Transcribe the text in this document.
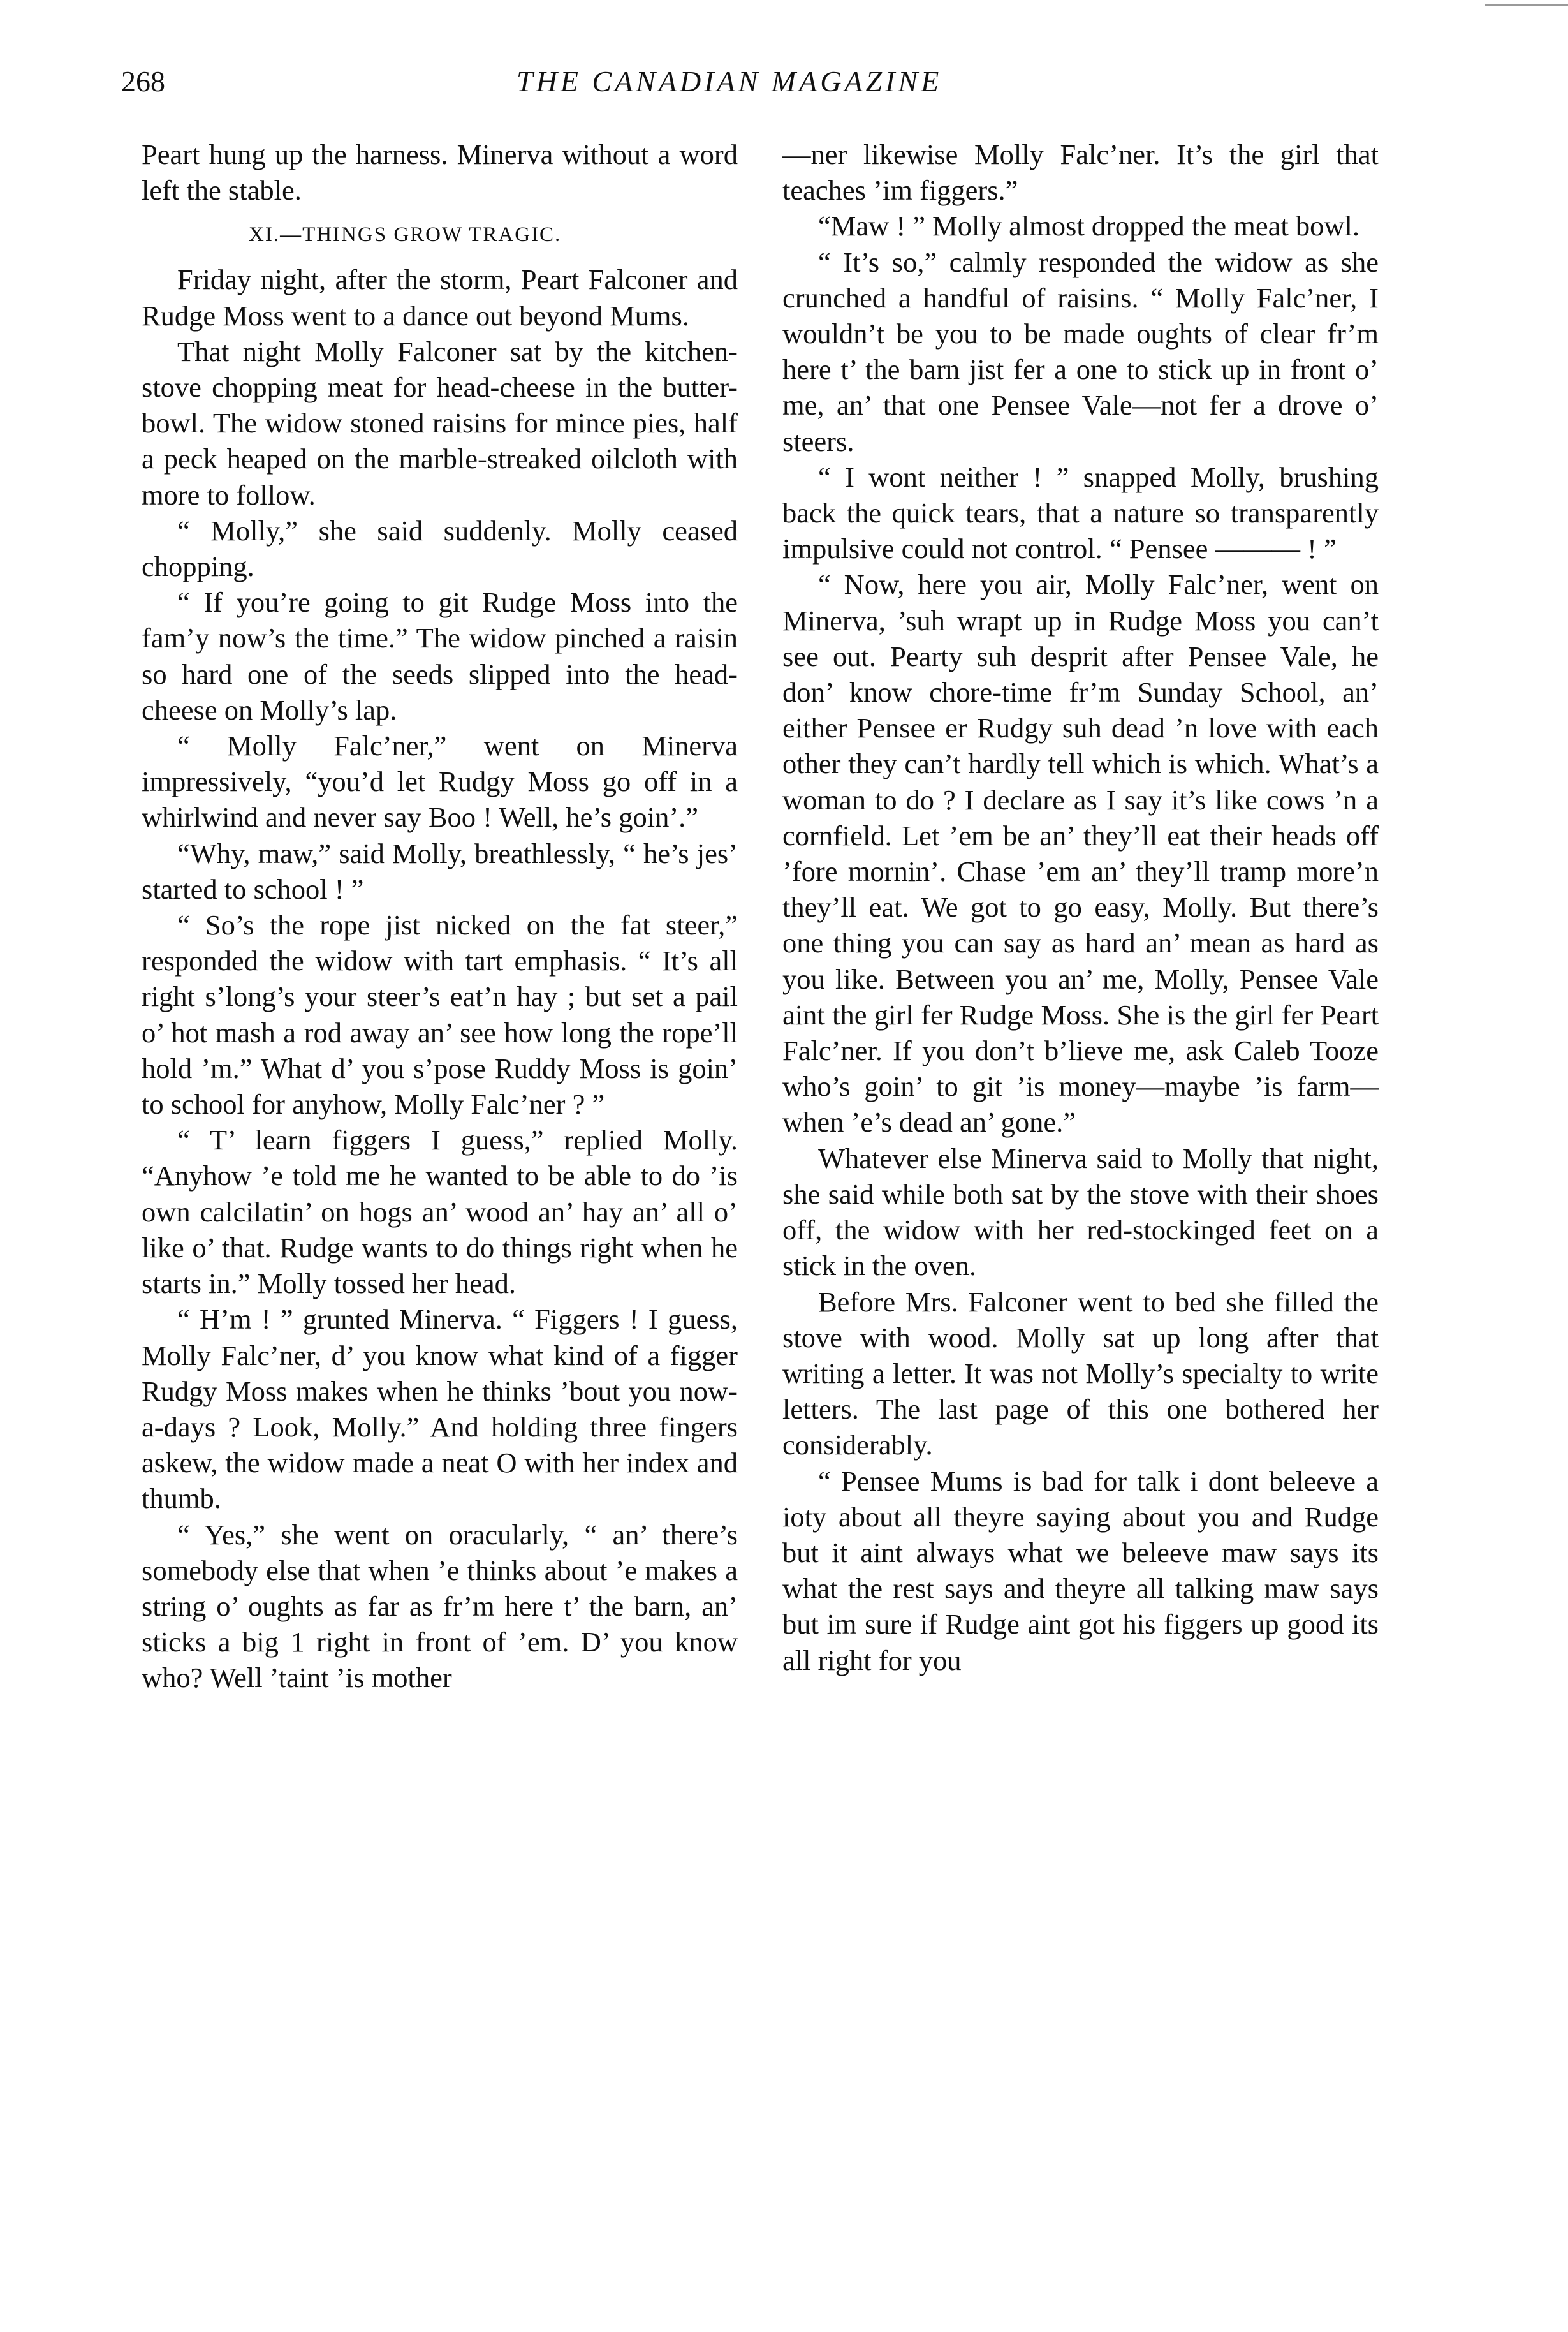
268	THE CANADIAN MAGAZINE

Peart hung up the harness. Minerva without a word left the stable.

XI.—THINGS GROW TRAGIC.

Friday night, after the storm, Peart Falconer and Rudge Moss went to a dance out beyond Mums.

That night Molly Falconer sat by the kitchen-stove chopping meat for head-cheese in the butter-bowl. The widow stoned raisins for mince pies, half a peck heaped on the marble-streaked oilcloth with more to follow.

“ Molly,” she said suddenly. Molly ceased chopping.

“ If you’re going to git Rudge Moss into the fam’y now’s the time.” The widow pinched a raisin so hard one of the seeds slipped into the head-cheese on Molly’s lap.

“ Molly Falc’ner,” went on Minerva impressively, “you’d let Rudgy Moss go off in a whirlwind and never say Boo ! Well, he’s goin’.”

“Why, maw,” said Molly, breathlessly, “ he’s jes’ started to school ! ”

“ So’s the rope jist nicked on the fat steer,” responded the widow with tart emphasis. “ It’s all right s’long’s your steer’s eat’n hay ; but set a pail o’ hot mash a rod away an’ see how long the rope’ll hold ’m.” What d’ you s’pose Ruddy Moss is goin’ to school for anyhow, Molly Falc’ner ? ”

“ T’ learn figgers I guess,” replied Molly. “Anyhow ’e told me he wanted to be able to do ’is own calcilatin’ on hogs an’ wood an’ hay an’ all o’ like o’ that. Rudge wants to do things right when he starts in.” Molly tossed her head.

“ H’m ! ” grunted Minerva. “ Figgers ! I guess, Molly Falc’ner, d’ you know what kind of a figger Rudgy Moss makes when he thinks ’bout you now-a-days ? Look, Molly.” And holding three fingers askew, the widow made a neat O with her index and thumb.

“ Yes,” she went on oracularly, “ an’ there’s somebody else that when ’e thinks about ’e makes a string o’ oughts as far as fr’m here t’ the barn, an’ sticks a big 1 right in front of ’em. D’ you know who? Well ’taint ’is mother

—ner likewise Molly Falc’ner. It’s the girl that teaches ’im figgers.”

“Maw ! ” Molly almost dropped the meat bowl.

“ It’s so,” calmly responded the widow as she crunched a handful of raisins. “ Molly Falc’ner, I wouldn’t be you to be made oughts of clear fr’m here t’ the barn jist fer a one to stick up in front o’ me, an’ that one Pensee Vale—not fer a drove o’ steers.

“ I wont neither ! ” snapped Molly, brushing back the quick tears, that a nature so transparently impulsive could not control. “ Pensee ——— ! ”

“ Now, here you air, Molly Falc’ner, went on Minerva, ’suh wrapt up in Rudge Moss you can’t see out. Pearty suh desprit after Pensee Vale, he don’ know chore-time fr’m Sunday School, an’ either Pensee er Rudgy suh dead ’n love with each other they can’t hardly tell which is which. What’s a woman to do ? I declare as I say it’s like cows ’n a cornfield. Let ’em be an’ they’ll eat their heads off ’fore mornin’. Chase ’em an’ they’ll tramp more’n they’ll eat. We got to go easy, Molly. But there’s one thing you can say as hard an’ mean as hard as you like. Between you an’ me, Molly, Pensee Vale aint the girl fer Rudge Moss. She is the girl fer Peart Falc’ner. If you don’t b’lieve me, ask Caleb Tooze who’s goin’ to git ’is money—maybe ’is farm—when ’e’s dead an’ gone.”

Whatever else Minerva said to Molly that night, she said while both sat by the stove with their shoes off, the widow with her red-stockinged feet on a stick in the oven.

Before Mrs. Falconer went to bed she filled the stove with wood. Molly sat up long after that writing a letter. It was not Molly’s specialty to write letters. The last page of this one bothered her considerably.

“ Pensee Mums is bad for talk i dont beleeve a ioty about all theyre saying about you and Rudge but it aint always what we beleeve maw says its what the rest says and theyre all talking maw says but im sure if Rudge aint got his figgers up good its all right for you
